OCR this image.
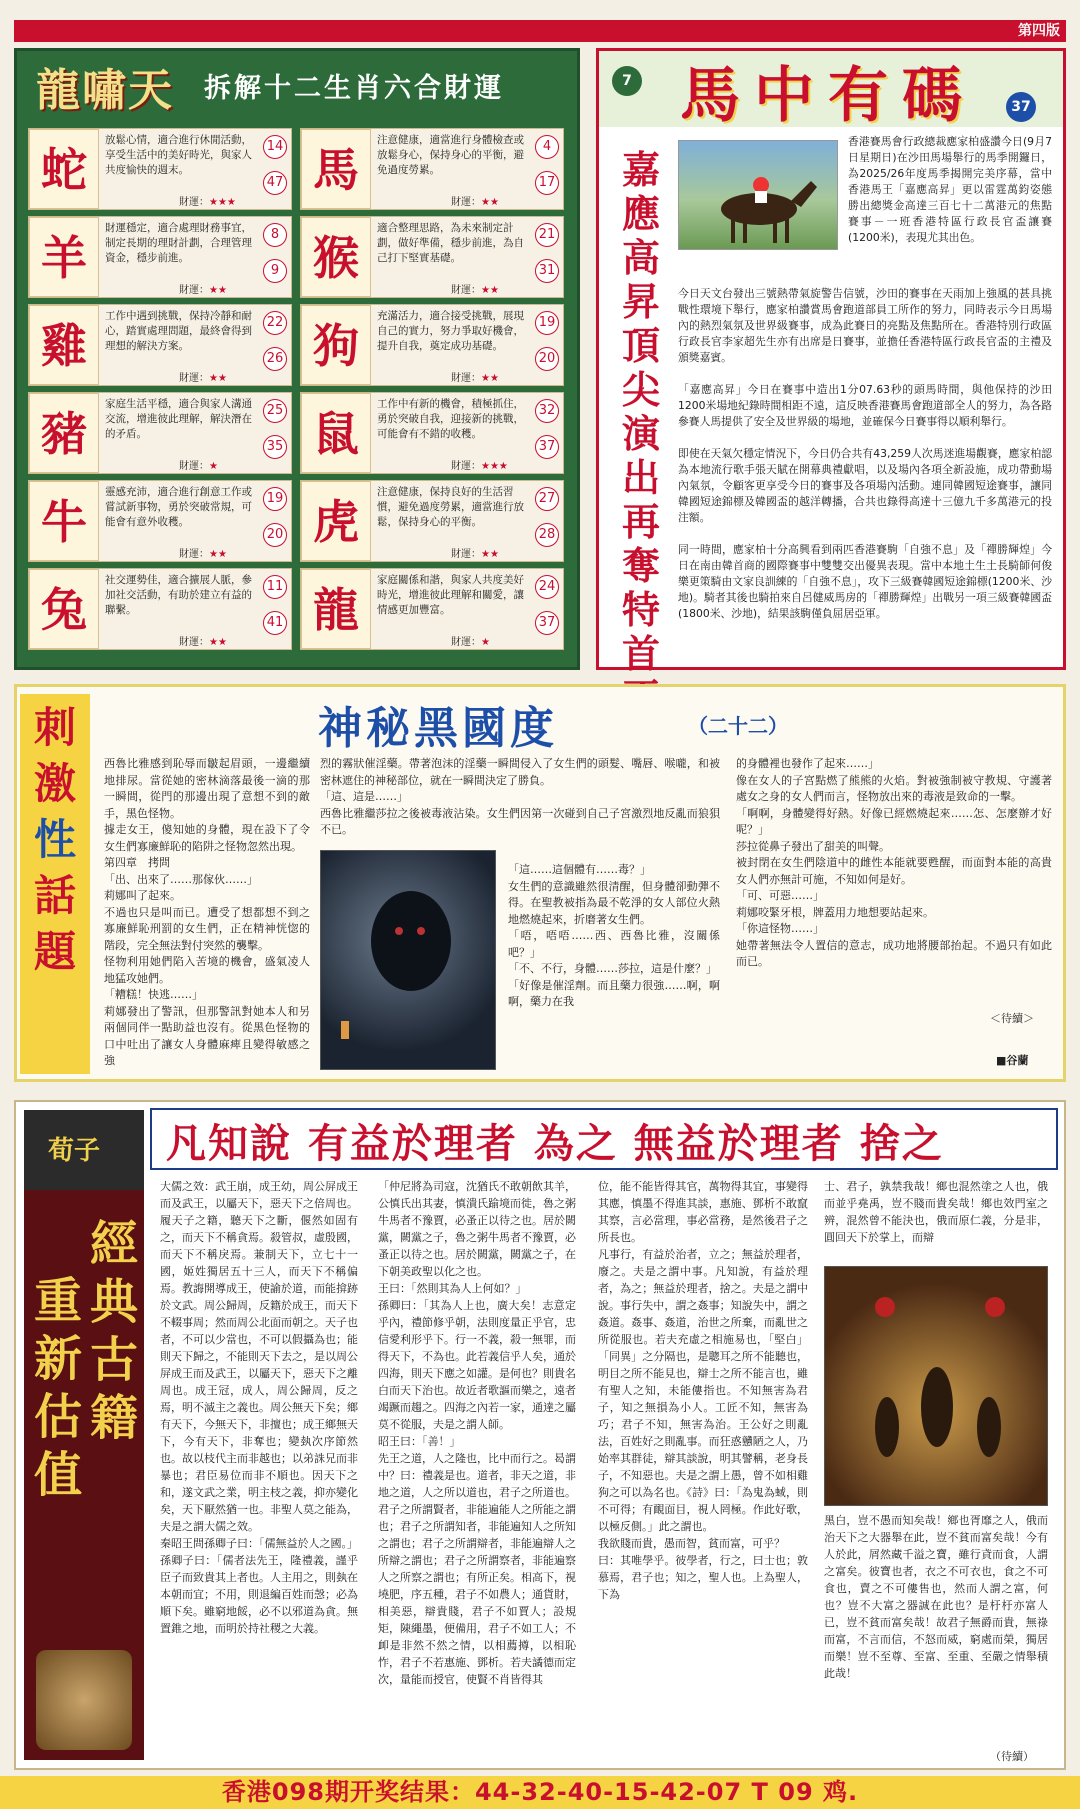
第四版
龍嘯天 拆解十二生肖六合財運
蛇
放鬆心情，適合進行休閒活動，享受生活中的美好時光，與家人共度愉快的週末。
14
47
財運：★★★
羊
財運穩定，適合處理財務事宜，制定長期的理財計劃，合理管理資金，穩步前進。
8
9
財運：★★
雞
工作中遇到挑戰，保持冷靜和耐心，踏實處理問題，最終會得到理想的解決方案。
22
26
財運：★★
豬
家庭生活平穩，適合與家人溝通交流，增進彼此理解，解決潛在的矛盾。
25
35
財運：★
牛
靈感充沛，適合進行創意工作或嘗試新事物，勇於突破常規，可能會有意外收穫。
19
20
財運：★★
兔
社交運勢佳，適合擴展人脈，參加社交活動，有助於建立有益的聯繫。
11
41
財運：★★
馬
注意健康，適當進行身體檢查或放鬆身心，保持身心的平衡，避免過度勞累。
4
17
財運：★★
猴
適合整理思路，為未來制定計劃，做好準備，穩步前進，為自己打下堅實基礎。
21
31
財運：★★
狗
充滿活力，適合接受挑戰，展現自己的實力，努力爭取好機會，提升自我，奠定成功基礎。
19
20
財運：★★
鼠
工作中有新的機會，積極抓住，勇於突破自我，迎接新的挑戰，可能會有不錯的收穫。
32
37
財運：★★★
虎
注意健康，保持良好的生活習慣，避免過度勞累，適當進行放鬆，保持身心的平衡。
27
28
財運：★★
龍
家庭關係和諧，與家人共度美好時光，增進彼此理解和關愛，讓情感更加豐富。
24
37
財運：★
7 馬中有碼	37
嘉應高昇頂尖演出再奪特首
香港賽馬會行政總裁應家柏盛讚今日(9月7日星期日)在沙田馬場舉行的馬季開鑼日，為2025/26年度馬季揭開完美序幕，當中香港馬王「嘉應高昇」更以雷霆萬鈞姿態勝出總獎金高達三百七十二萬港元的焦點賽事－一班香港特區行政長官盃讓賽(1200米)，表現尤其出色。
今日天文台發出三號熱帶氣旋警告信號，沙田的賽事在天雨加上強風的甚具挑戰性環境下舉行，應家柏讚賞馬會跑道部員工所作的努力，同時表示今日馬場內的熱烈氣氛及世界級賽事，成為此賽日的亮點及焦點所在。香港特別行政區行政長官李家超先生亦有出席是日賽事，並擔任香港特區行政長官盃的主禮及頒獎嘉賓。
「嘉應高昇」今日在賽事中造出1分07.63秒的頭馬時間，與他保持的沙田1200米場地紀錄時間相距不遠，這反映香港賽馬會跑道部全人的努力，為各路參賽人馬提供了安全及世界級的場地，並確保今日賽事得以順利舉行。
即使在天氣欠穩定情況下，今日仍合共有43,259人次馬迷進場觀賽，應家柏認為本地流行歌手張天賦在開幕典禮獻唱，以及場內各項全新設施，成功帶動場內氣氛，令顧客更享受今日的賽事及各項場內活動。連同韓國短途賽事，讓同韓國短途錦標及韓國盃的越洋轉播，合共也錄得高達十三億九千多萬港元的投注額。
同一時間，應家柏十分高興看到兩匹香港賽駒「自強不息」及「禪勝輝煌」今日在南由韓首商的國際賽事中雙雙交出優異表現。當中本地土生土長騎師何俊樂更策騎由文家良訓練的「自強不息」，攻下三級賽韓國短途錦標(1200米、沙地)。騎者其後也騎拍來自呂健威馬房的「禪勝輝煌」出戰另一項三級賽韓國盃(1800米、沙地)，結果該駒僅負屈居亞軍。
刺
激
性
話
題
神秘黑國度	（二十二）
西魯比雅感到恥辱而皺起眉頭，一邊繼續地排尿。當從她的密林滴落最後一滴的那一瞬間，從門的那邊出現了意想不到的敵手，黑色怪物。
據走女王，傻知她的身體，現在設下了令女生們寡廉鮮恥的陷阱之怪物忽然出現。
第四章　拷問
「出、出來了……那傢伙……」
莉娜叫了起來。
不過也只是叫而已。遭受了想都想不到之寡廉鮮恥刑罰的女生們，正在精神恍惚的階段，完全無法對付突然的襲擊。
怪物利用她們陷入苦境的機會，盛氣凌人地猛攻她們。
「糟糕！快逃……」
莉娜發出了警訊，但那警訊對她本人和另兩個同伴一點助益也沒有。從黑色怪物的口中吐出了讓女人身體麻痺且變得敏感之強
烈的霧狀催淫藥。帶著泡沫的淫藥一瞬間侵入了女生們的頭髮、嘴唇、喉嚨，和被密林遮住的神秘部位，就在一瞬間決定了勝負。
「這、這是……」
西魯比雅繼莎拉之後被毒液沾染。女生們因第一次碰到自己子宮激烈地反亂而狼狽不已。
「這……這個體有……毒？」
女生們的意識雖然很清醒，但身體卻動彈不得。在聖教被指為最不乾淨的女人部位火熱地燃燒起來，折磨著女生們。
「唔，唔唔……西、西魯比雅，沒關係吧？」
「不、不行，身體……莎拉，這是什麼？」
「好像是催淫劑。而且藥力很強……啊，啊啊，藥力在我
的身體裡也發作了起來……」
像在女人的子宮點燃了熊熊的火焰。對被強制被守教規、守護著處女之身的女人們而言，怪物放出來的毒液是致命的一擊。
「啊啊，身體變得好熱。好像已經燃燒起來……怎、怎麼辦才好呢？」
莎拉從鼻子發出了甜美的叫聲。
被封閉在女生們陰道中的雌性本能就要甦醒，而面對本能的高貴女人們亦無計可施，不知如何是好。
「可、可惡……」
莉娜咬緊牙根，牌蓋用力地想要站起來。
「你這怪物……」
她帶著無法令人置信的意志，成功地將腰部抬起。不過只有如此而已。
＜待續＞
■谷蘭
荀子
經典古籍
重新估值
凡知說 有益於理者 為之 無益於理者 捨之
大儒之效：武王崩，成王幼，周公屏成王而及武王，以屬天下，惡天下之倍周也。履天子之籍，聽天下之斷，偃然如固有之，而天下不稱貪焉。殺管叔，虛殷國，而天下不稱戾焉。兼制天下，立七十一國，姬姓獨居五十三人，而天下不稱偏焉。教誨開導成王，使諭於道，而能揜跡於文武。周公歸周，反籍於成王，而天下不輟事周；然而周公北面而朝之。天子也者，不可以少當也，不可以假攝為也；能則天下歸之，不能則天下去之，是以周公屏成王而及武王，以屬天下，惡天下之離周也。成王冠，成人，周公歸周，反之焉，明不滅主之義也。周公無天下矣；鄉有天下，今無天下，非擅也；成王鄉無天下，今有天下，非奪也；變埶次序節然也。故以枝代主而非越也；以弟誅兄而非暴也；君臣易位而非不順也。因天下之和，遂文武之業，明主枝之義，抑亦變化矣，天下厭然猶一也。非聖人莫之能為，夫是之謂大儒之效。
秦昭王問孫卿子曰：「儒無益於人之國。」
孫卿子曰：「儒者法先王，隆禮義，謹乎臣子而致貴其上者也。人主用之，則埶在本朝而宜；不用，則退編百姓而愨；必為順下矣。雖窮地餒，必不以邪道為貪。無置錐之地，而明於持社稷之大義。
「仲尼將為司寇，沈猶氏不敢朝飲其羊，公慎氏出其妻，慎潰氏踰境而徙，魯之粥牛馬者不豫賈，必蚤正以待之也。居於闕黨，闕黨之子，魯之粥牛馬者不豫賈，必蚤正以待之也。居於闕黨，闕黨之子，在下朝美政聖以化之也。
王曰：「然則其為人上何如？」
孫卿曰：「其為人上也，廣大矣！志意定乎內，禮節修乎朝，法則度量正乎官，忠信愛利形乎下。行一不義，殺一無罪，而得天下，不為也。此若義信乎人矣，通於四海，則天下應之如讙。是何也？則貴名白而天下治也。故近者歌謳而樂之，遠者竭蹶而趨之。四海之內若一家，通達之屬莫不從服，夫是之謂人師。
昭王曰：「善！」
先王之道，人之隆也，比中而行之。曷謂中？曰：禮義是也。道者，非天之道，非地之道，人之所以道也，君子之所道也。君子之所謂賢者，非能遍能人之所能之謂也；君子之所謂知者，非能遍知人之所知之謂也；君子之所謂辯者，非能遍辯人之所辯之謂也；君子之所謂察者，非能遍察人之所察之謂也；有所正矣。相高下，視墝肥，序五種，君子不如農人；通貨財，相美惡，辯貴賤，君子不如賈人；設規矩，陳繩墨，便備用，君子不如工人；不卹是非然不然之情，以相薦撙，以相恥怍，君子不若惠施、鄧析。若夫譎德而定次，量能而授官，使賢不肖皆得其
位，能不能皆得其官，萬物得其宜，事變得其應，慎墨不得進其談，惠施、鄧析不敢竄其察，言必當理，事必當務，是然後君子之所長也。
凡事行，有益於治者，立之；無益於理者，廢之。夫是之謂中事。凡知說，有益於理者，為之；無益於理者，捨之。夫是之謂中說。事行失中，謂之姦事；知說失中，謂之姦道。姦事、姦道，治世之所棄，而亂世之所從服也。若夫充虛之相施易也，「堅白」「同異」之分隔也，是聰耳之所不能聽也，明目之所不能見也，辯士之所不能言也，雖有聖人之知，未能僂指也。不知無害為君子，知之無損為小人。工匠不知，無害為巧；君子不知，無害為治。王公好之則亂法，百姓好之則亂事。而狂惑戇陋之人，乃始率其群徒，辯其談說，明其譬稱，老身長子，不知惡也。夫是之謂上愚，曾不如相雞狗之可以為名也。《詩》曰：「為鬼為蜮，則不可得；有靦面目，視人罔極。作此好歌，以極反側。」此之謂也。
我欲賤而貴，愚而智，貧而富，可乎？
曰：其唯學乎。彼學者，行之，曰士也；敦慕焉，君子也；知之，聖人也。上為聖人，下為
士、君子，孰禁我哉！鄉也混然塗之人也，俄而並乎堯禹，豈不賤而貴矣哉！鄉也效門室之辨，混然曾不能決也，俄而原仁義，分是非，圓回天下於掌上，而辯
黑白，豈不愚而知矣哉！鄉也胥靡之人，俄而治天下之大器舉在此，豈不貧而富矣哉！今有人於此，屑然藏千溢之寶，雖行貣而食，人謂之富矣。彼寶也者，衣之不可衣也，食之不可食也，賣之不可僂售也，然而人謂之富，何也？豈不大富之器誠在此也？是杅杅亦富人已，豈不貧而富矣哉！故君子無爵而貴，無祿而富，不言而信，不怒而威，窮處而榮，獨居而樂！豈不至尊、至富、至重、至嚴之情舉積此哉！
（待續）
香港098期开奖结果：44-32-40-15-42-07 T 09 鸡.
